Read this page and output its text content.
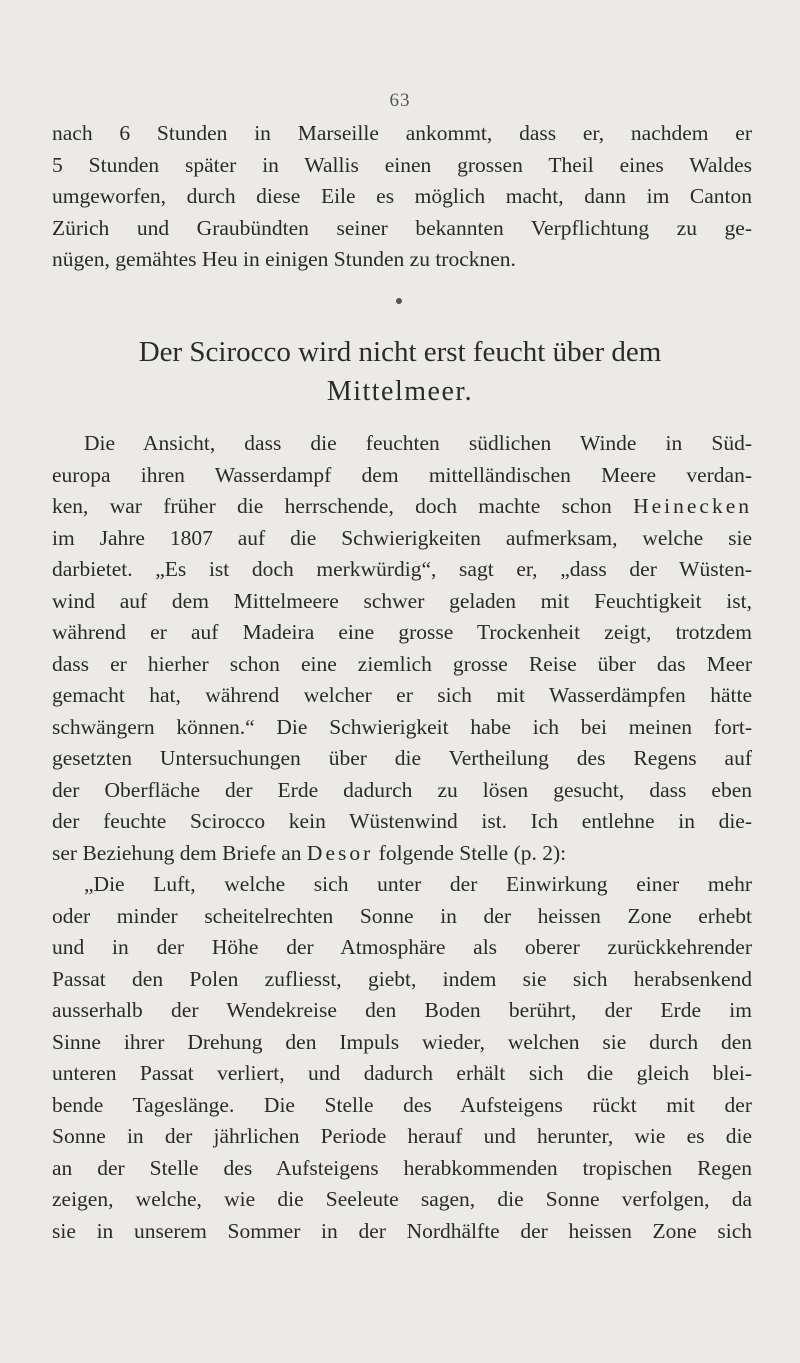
63
nach 6 Stunden in Marseille ankommt, dass er, nachdem er
5 Stunden später in Wallis einen grossen Theil eines Waldes
umgeworfen, durch diese Eile es möglich macht, dann im Canton
Zürich und Graubündten seiner bekannten Verpflichtung zu ge-
nügen, gemähtes Heu in einigen Stunden zu trocknen.
Der Scirocco wird nicht erst feucht über dem
Mittelmeer.
Die Ansicht, dass die feuchten südlichen Winde in Süd-
europa ihren Wasserdampf dem mittelländischen Meere verdan-
ken, war früher die herrschende, doch machte schon Heinecken
im Jahre 1807 auf die Schwierigkeiten aufmerksam, welche sie
darbietet. „Es ist doch merkwürdig“, sagt er, „dass der Wüsten-
wind auf dem Mittelmeere schwer geladen mit Feuchtigkeit ist,
während er auf Madeira eine grosse Trockenheit zeigt, trotzdem
dass er hierher schon eine ziemlich grosse Reise über das Meer
gemacht hat, während welcher er sich mit Wasserdämpfen hätte
schwängern können.“ Die Schwierigkeit habe ich bei meinen fort-
gesetzten Untersuchungen über die Vertheilung des Regens auf
der Oberfläche der Erde dadurch zu lösen gesucht, dass eben
der feuchte Scirocco kein Wüstenwind ist. Ich entlehne in die-
ser Beziehung dem Briefe an Desor folgende Stelle (p. 2):
„Die Luft, welche sich unter der Einwirkung einer mehr
oder minder scheitelrechten Sonne in der heissen Zone erhebt
und in der Höhe der Atmosphäre als oberer zurückkehrender
Passat den Polen zufliesst, giebt, indem sie sich herabsenkend
ausserhalb der Wendekreise den Boden berührt, der Erde im
Sinne ihrer Drehung den Impuls wieder, welchen sie durch den
unteren Passat verliert, und dadurch erhält sich die gleich blei-
bende Tageslänge. Die Stelle des Aufsteigens rückt mit der
Sonne in der jährlichen Periode herauf und herunter, wie es die
an der Stelle des Aufsteigens herabkommenden tropischen Regen
zeigen, welche, wie die Seeleute sagen, die Sonne verfolgen, da
sie in unserem Sommer in der Nordhälfte der heissen Zone sich
